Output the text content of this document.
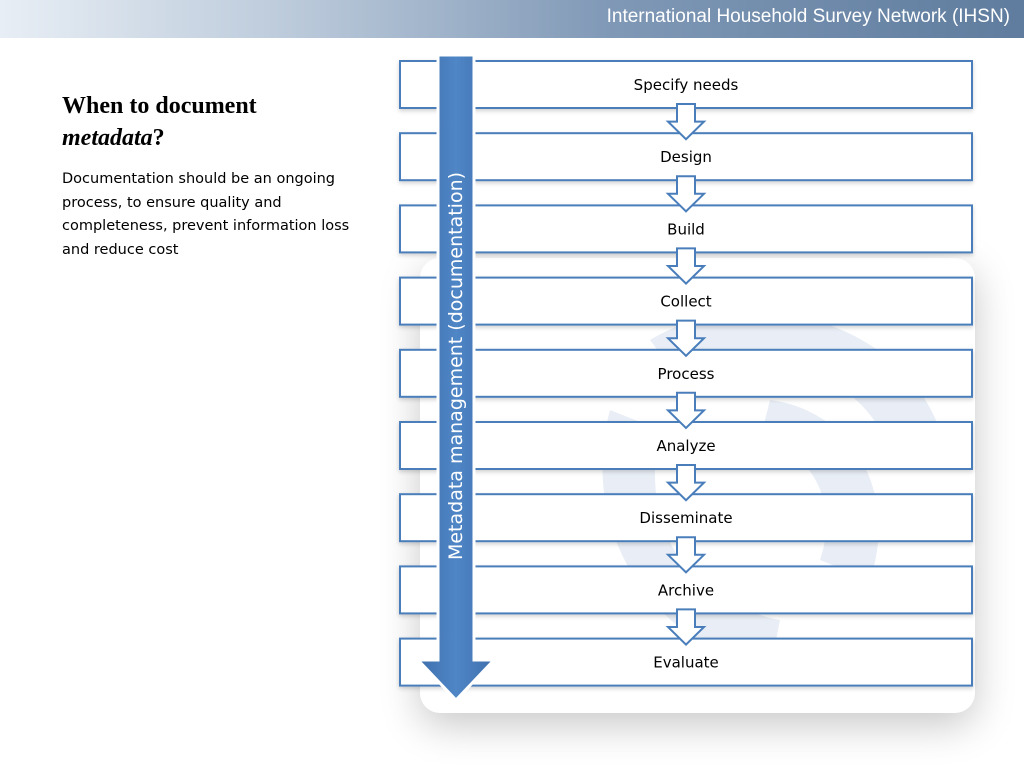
International Household Survey Network (IHSN)
When to document
metadata?
Documentation should be an ongoing process, to ensure quality and completeness, prevent information loss and reduce cost
Specify needs
Design
Build
Collect
Process
Analyze
Disseminate
Archive
Evaluate
Metadata management (documentation)
